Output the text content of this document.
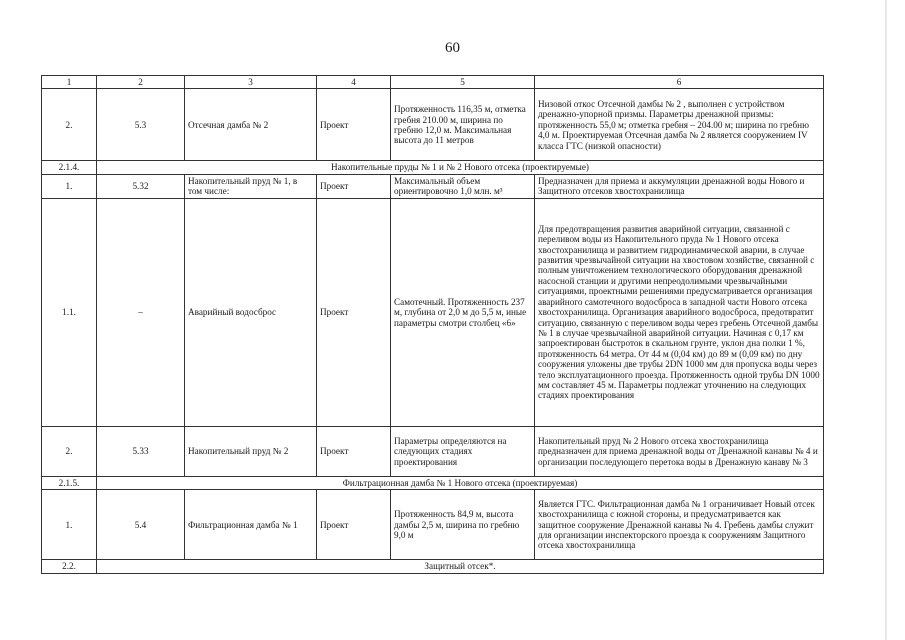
60
1	2	3	4	5	6
2.	5.3	Отсечная дамба № 2	Проект	Протяженность 116,35 м, отметка гребня 210.00 м, ширина по гребню 12,0 м. Максимальная высота до 11 метров	Низовой откос Отсечной дамбы № 2 , выполнен с устройством дренажно-упорной призмы. Параметры дренажной призмы: протяженность 55,0 м; отметка гребня – 204.00 м; ширина по гребню 4,0 м. Проектируемая Отсечная дамба № 2 является сооружением IV класса ГТС (низкой опасности)
2.1.4.	Накопительные пруды № 1 и № 2 Нового отсека (проектируемые)				
1.	5.32	Накопительный пруд № 1, в том числе:	Проект	Максимальный объем ориентировочно 1,0 млн. м³	Предназначен для приема и аккумуляции дренажной воды Нового и Защитного отсеков хвостохранилища
1.1.	–	Аварийный водосброс	Проект	Самотечный. Протяженность 237 м, глубина от 2,0 м до 5,5 м, иные параметры смотри столбец «6»	Для предотвращения развития аварийной ситуации, связанной с переливом воды из Накопительного пруда № 1 Нового отсека хвостохранилища и развитием гидродинамической аварии, в случае развития чрезвычайной ситуации на хвостовом хозяйстве, связанной с полным уничтожением технологического оборудования дренажной насосной станции и другими непреодолимыми чрезвычайными ситуациями, проектными решениями предусматривается организация аварийного самотечного водосброса в западной части Нового отсека хвостохранилища. Организация аварийного водосброса, предотвратит ситуацию, связанную с переливом воды через гребень Отсечной дамбы № 1 в случае чрезвычайной аварийной ситуации. Начиная с 0,17 км запроектирован быстроток в скальном грунте, уклон дна полки 1 %, протяженность 64 метра. От 44 м (0,04 км) до 89 м (0,09 км) по дну сооружения уложены две трубы 2DN 1000 мм для пропуска воды через тело эксплуатационного проезда. Протяженность одной трубы DN 1000 мм составляет 45 м. Параметры подлежат уточнению на следующих стадиях проектирования
2.	5.33	Накопительный пруд № 2	Проект	Параметры определяются на следующих стадиях проектирования	Накопительный пруд № 2 Нового отсека хвостохранилища предназначен для приема дренажной воды от Дренажной канавы № 4 и организации последующего перетока воды в Дренажную канаву № 3
2.1.5.	Фильтрационная дамба № 1 Нового отсека (проектируемая)				
1.	5.4	Фильтрационная дамба № 1	Проект	Протяженность 84,9 м, высота дамбы 2,5 м, ширина по гребню 9,0 м	Является ГТС. Фильтрационная дамба № 1 ограничивает Новый отсек хвостохранилища с южной стороны, и предусматривается как защитное сооружение Дренажной канавы № 4. Гребень дамбы служит для организации инспекторского проезда к сооружениям Защитного отсека хвостохранилища
2.2.	Защитный отсек*.				
